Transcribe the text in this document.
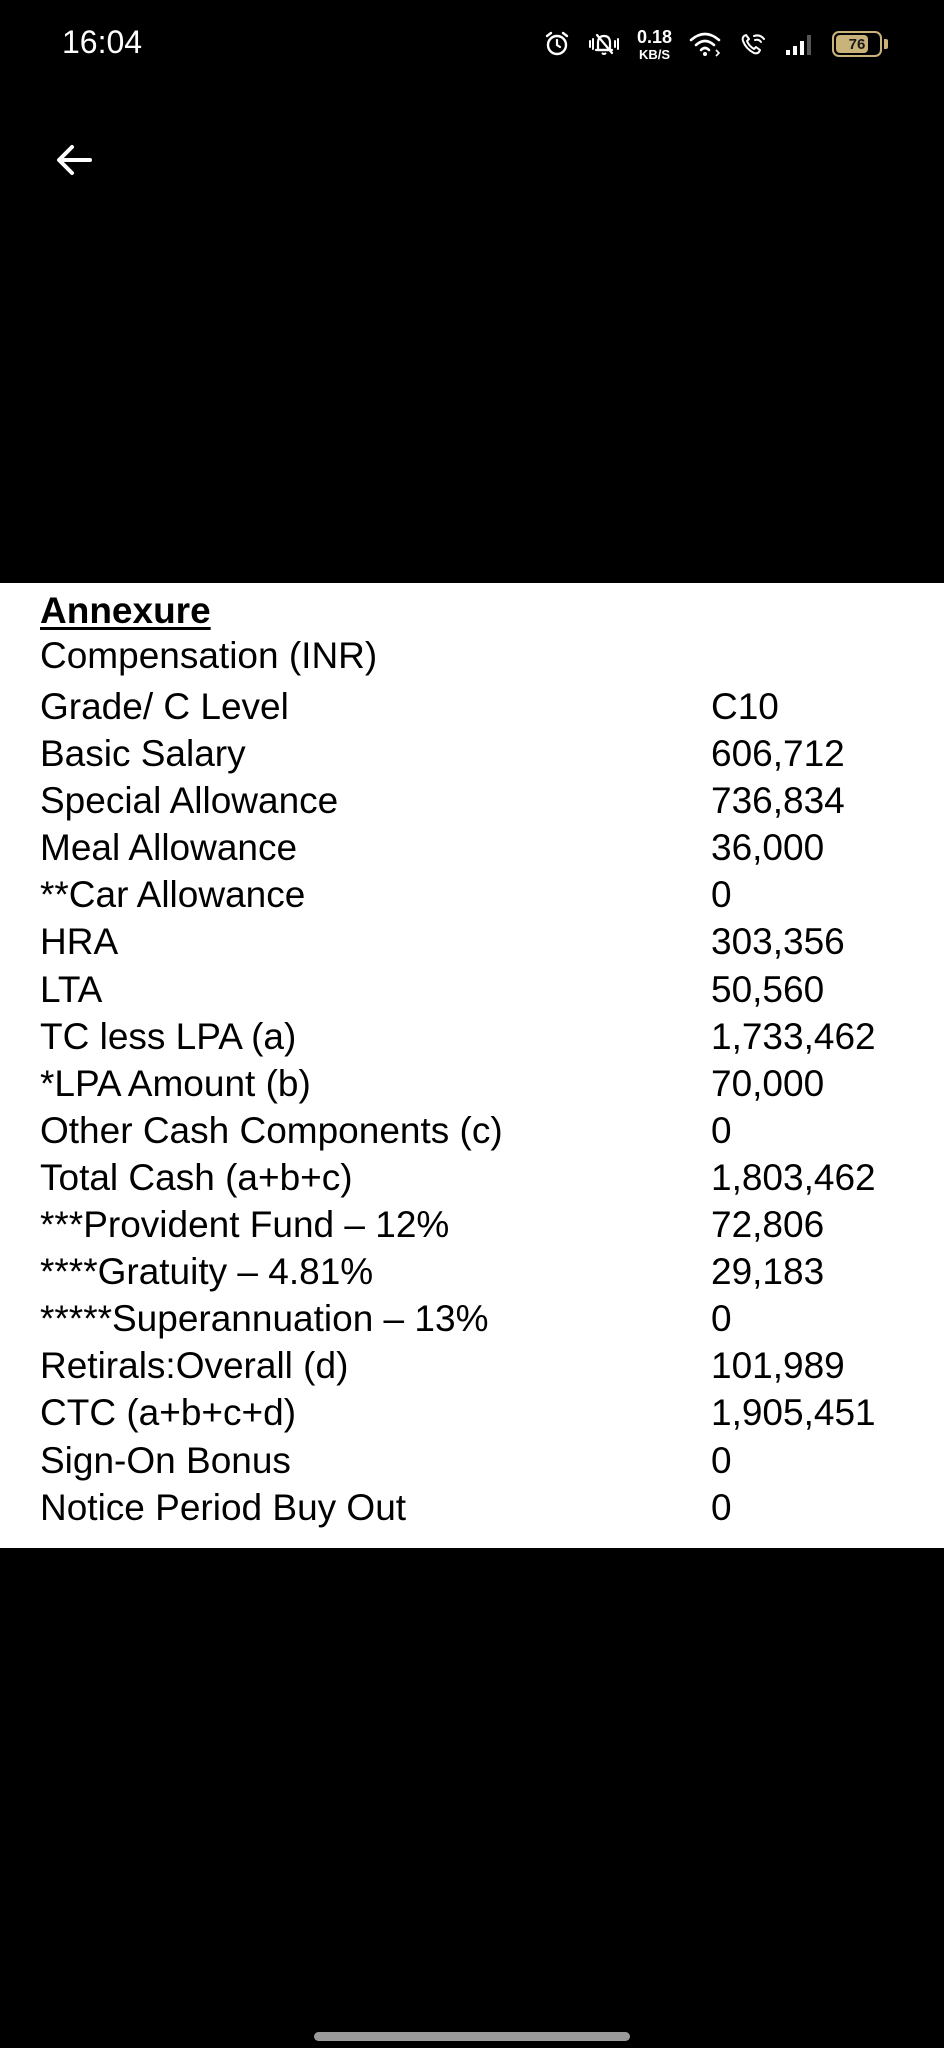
16:04	0.18
KB/S
76
Annexure
Compensation (INR)
Grade/ C Level	C10
Basic Salary	606,712
Special Allowance	736,834
Meal Allowance	36,000
**Car Allowance	0
HRA	303,356
LTA	50,560
TC less LPA (a)	1,733,462
*LPA Amount (b)	70,000
Other Cash Components (c)	0
Total Cash (a+b+c)	1,803,462
***Provident Fund – 12%	72,806
****Gratuity – 4.81%	29,183
*****Superannuation – 13%	0
Retirals:Overall (d)	101,989
CTC (a+b+c+d)	1,905,451
Sign-On Bonus	0
Notice Period Buy Out	0
